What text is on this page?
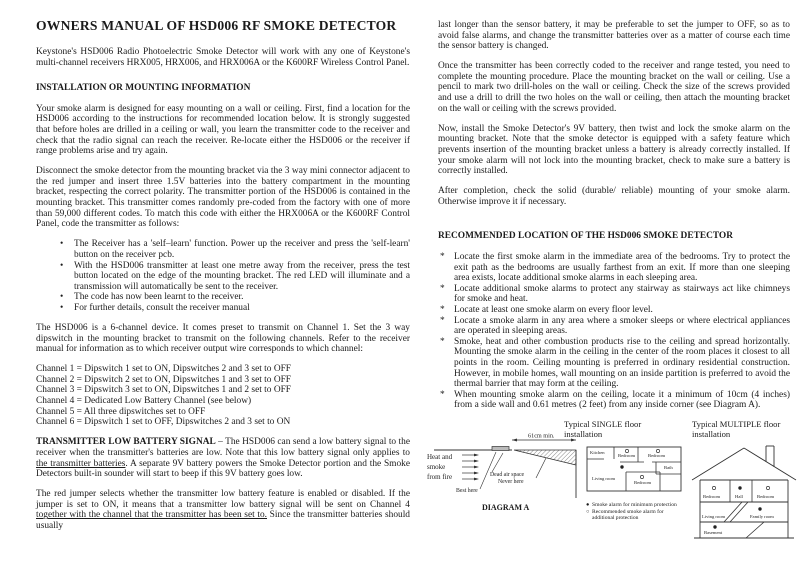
OWNERS MANUAL OF HSD006 RF SMOKE DETECTOR

Keystone's HSD006 Radio Photoelectric Smoke Detector will work with any one of Keystone's multi-channel receivers HRX005, HRX006, and HRX006A or the K600RF Wireless Control Panel.

INSTALLATION OR MOUNTING INFORMATION

Your smoke alarm is designed for easy mounting on a wall or ceiling. First, find a location for the HSD006 according to the instructions for recommended location below. It is strongly suggested that before holes are drilled in a ceiling or wall, you learn the transmitter code to the receiver and check that the radio signal can reach the receiver. Re-locate either the HSD006 or the receiver if range problems arise and try again.

Disconnect the smoke detector from the mounting bracket via the 3 way mini connector adjacent to the red jumper and insert three 1.5V batteries into the battery compartment in the mounting bracket, respecting the correct polarity. The transmitter portion of the HSD006 is contained in the mounting bracket. This transmitter comes randomly pre-coded from the factory with one of more than 59,000 different codes. To match this code with either the HRX006A or the K600RF Control Panel, code the transmitter as follows:

•	The Receiver has a 'self–learn' function. Power up the receiver and press the 'self-learn' button on the receiver pcb.
•	With the HSD006 transmitter at least one metre away from the receiver, press the test button located on the edge of the mounting bracket. The red LED will illuminate and a transmission will automatically be sent to the receiver.
•	The code has now been learnt to the receiver.
•	For further details, consult the receiver manual

The HSD006 is a 6-channel device. It comes preset to transmit on Channel 1. Set the 3 way dipswitch in the mounting bracket to transmit on the following channels. Refer to the receiver manual for information as to which receiver output wire corresponds to which channel:

Channel 1 = Dipswitch 1 set to ON, Dipswitches 2 and 3 set to OFF
Channel 2 = Dipswitch 2 set to ON, Dipswitches 1 and 3 set to OFF
Channel 3 = Dipswitch 3 set to ON, Dipswitches 1 and 2 set to OFF
Channel 4 = Dedicated Low Battery Channel (see below)
Channel 5 = All three dipswitches set to OFF
Channel 6 = Dipswitch 1 set to OFF, Dipswitches 2 and 3 set to ON

TRANSMITTER LOW BATTERY SIGNAL – The HSD006 can send a low battery signal to the receiver when the transmitter's batteries are low. Note that this low battery signal only applies to the transmitter batteries. A separate 9V battery powers the Smoke Detector portion and the Smoke Detectors built-in sounder will start to beep if this 9V battery goes low.

The red jumper selects whether the transmitter low battery feature is enabled or disabled. If the jumper is set to ON, it means that a transmitter low battery signal will be sent on Channel 4 together with the channel that the transmitter has been set to. Since the transmitter batteries should usually

last longer than the sensor battery, it may be preferable to set the jumper to OFF, so as to avoid false alarms, and change the transmitter batteries over as a matter of course each time the sensor battery is changed.

Once the transmitter has been correctly coded to the receiver and range tested, you need to complete the mounting procedure. Place the mounting bracket on the wall or ceiling. Use a pencil to mark two drill-holes on the wall or ceiling. Check the size of the screws provided and use a drill to drill the two holes on the wall or ceiling, then attach the mounting bracket on the wall or ceiling with the screws provided.

Now, install the Smoke Detector's 9V battery, then twist and lock the smoke alarm on the mounting bracket. Note that the smoke detector is equipped with a safety feature which prevents insertion of the mounting bracket unless a battery is already correctly installed. If your smoke alarm will not lock into the mounting bracket, check to make sure a battery is correctly installed.

After completion, check the solid (durable/ reliable) mounting of your smoke alarm. Otherwise improve it if necessary.

RECOMMENDED LOCATION OF THE HSD006 SMOKE DETECTOR
* Locate the first smoke alarm in the immediate area of the bedrooms. Try to protect the exit path as the bedrooms are usually farthest from an exit. If more than one sleeping area exists, locate additional smoke alarms in each sleeping area.
* Locate additional smoke alarms to protect any stairway as stairways act like chimneys for smoke and heat.
* Locate at least one smoke alarm on every floor level.
* Locate a smoke alarm in any area where a smoker sleeps or where electrical appliances are operated in sleeping areas.
* Smoke, heat and other combustion products rise to the ceiling and spread horizontally. Mounting the smoke alarm in the ceiling in the center of the room places it closest to all points in the room. Ceiling mounting is preferred in ordinary residential construction. However, in mobile homes, wall mounting on an inside partition is preferred to avoid the thermal barrier that may form at the ceiling.
* When mounting smoke alarm on the ceiling, locate it a minimum of 10cm (4 inches) from a side wall and 0.61 metres (2 feet) from any inside corner (see Diagram A).
61cm min.
Heat and
smoke
from fire	Dead air space
Never here
Best here
DIAGRAM A
Typical SINGLE floor installation
Kitchen
Bedroom	Bedroom
Bath
Living room
Bedroom
● Smoke alarm for minimum protection
○ Recommended smoke alarm for additional protection
Typical MULTIPLE floor installation
Bedroom	Hall	Bedroom
Living room	Family room
Basement
